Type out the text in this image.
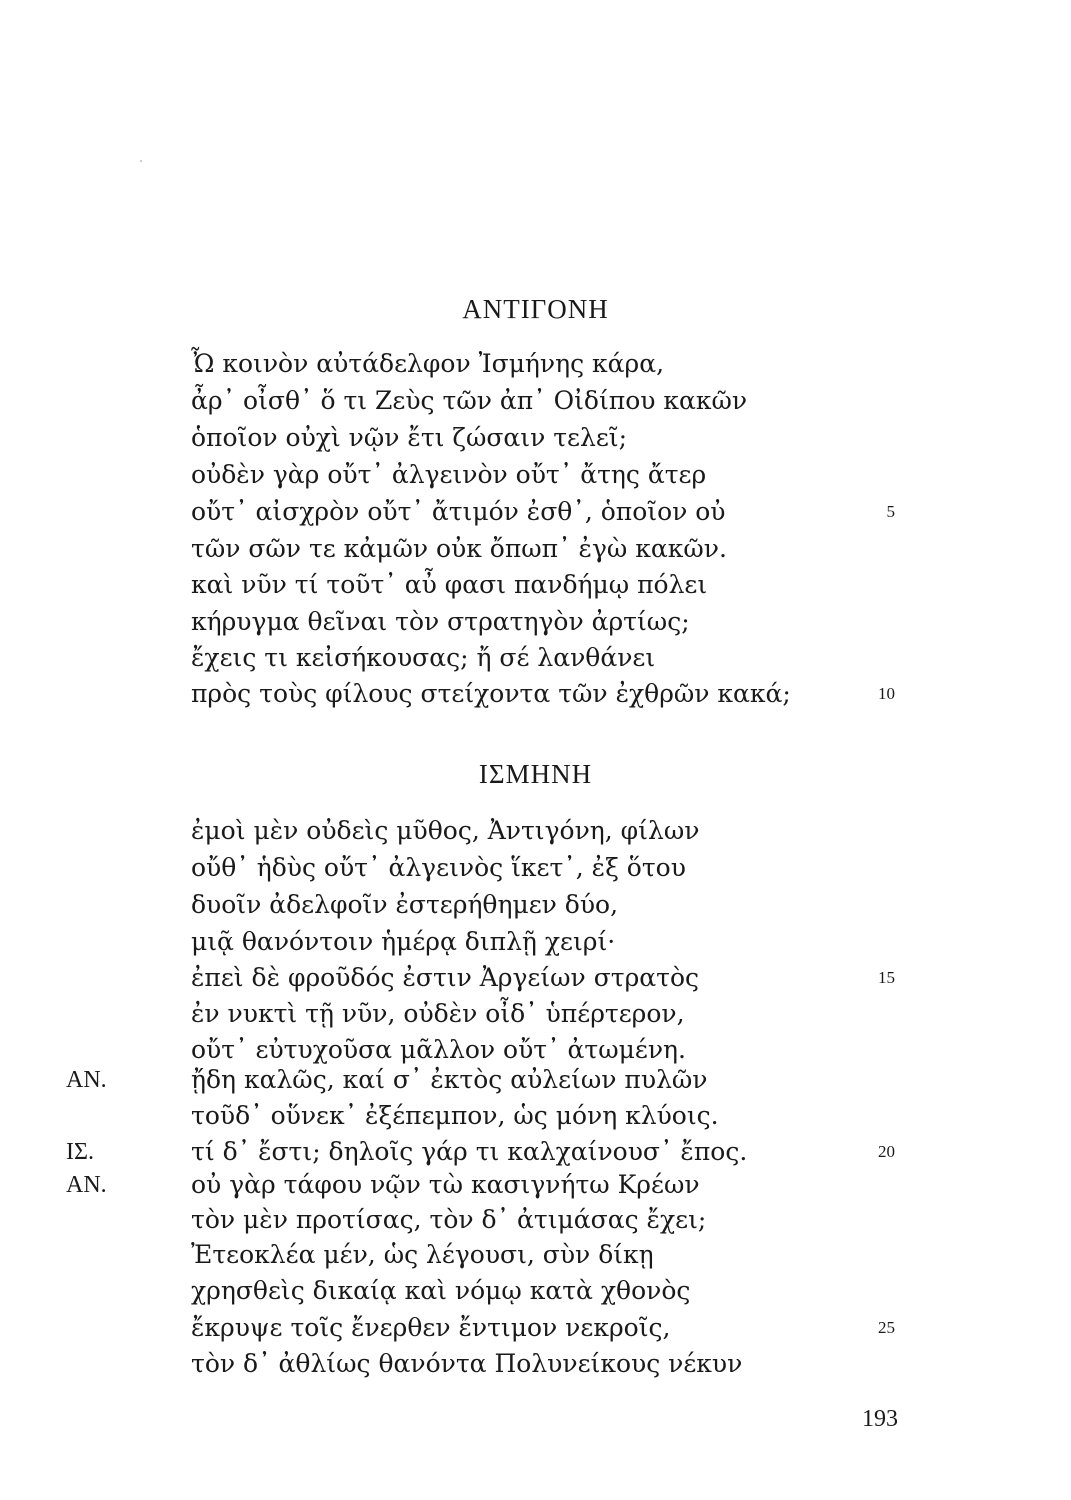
ΑΝΤΙΓΟΝΗ
Ὦ κοινὸν αὐτάδελφον Ἰσμήνης κάρα,
ἆρ᾽ οἶσθ᾽ ὅ τι Ζεὺς τῶν ἀπ᾽ Οἰδίπου κακῶν
ὁποῖον οὐχὶ νῷν ἔτι ζώσαιν τελεῖ;
οὐδὲν γὰρ οὔτ᾽ ἀλγεινὸν οὔτ᾽ ἄτης ἄτερ
οὔτ᾽ αἰσχρὸν οὔτ᾽ ἄτιμόν ἐσθ᾽, ὁποῖον οὐ	5
τῶν σῶν τε κἀμῶν οὐκ ὄπωπ᾽ ἐγὼ κακῶν.
καὶ νῦν τί τοῦτ᾽ αὖ φασι πανδήμῳ πόλει
κήρυγμα θεῖναι τὸν στρατηγὸν ἀρτίως;
ἔχεις τι κεἰσήκουσας; ἤ σέ λανθάνει
πρὸς τοὺς φίλους στείχοντα τῶν ἐχθρῶν κακά;	10
ΙΣΜΗΝΗ
ἐμοὶ μὲν οὐδεὶς μῦθος, Ἀντιγόνη, φίλων
οὔθ᾽ ἡδὺς οὔτ᾽ ἀλγεινὸς ἵκετ᾽, ἐξ ὅτου
δυοῖν ἀδελφοῖν ἐστερήθημεν δύο,
μιᾷ θανόντοιν ἡμέρᾳ διπλῇ χειρί·
ἐπεὶ δὲ φροῦδός ἐστιν Ἀργείων στρατὸς	15
ἐν νυκτὶ τῇ νῦν, οὐδὲν οἶδ᾽ ὑπέρτερον,
οὔτ᾽ εὐτυχοῦσα μᾶλλον οὔτ᾽ ἀτωμένη.
ΑΝ.	ᾔδη καλῶς, καί σ᾽ ἐκτὸς αὐλείων πυλῶν
τοῦδ᾽ οὕνεκ᾽ ἐξέπεμπον, ὡς μόνη κλύοις.
ΙΣ.	τί δ᾽ ἔστι; δηλοῖς γάρ τι καλχαίνουσ᾽ ἔπος.	20
ΑΝ.	οὐ γὰρ τάφου νῷν τὼ κασιγνήτω Κρέων
τὸν μὲν προτίσας, τὸν δ᾽ ἀτιμάσας ἔχει;
Ἐτεοκλέα μέν, ὡς λέγουσι, σὺν δίκῃ
χρησθεὶς δικαίᾳ καὶ νόμῳ κατὰ χθονὸς
ἔκρυψε τοῖς ἔνερθεν ἔντιμον νεκροῖς,	25
τὸν δ᾽ ἀθλίως θανόντα Πολυνείκους νέκυν
193
